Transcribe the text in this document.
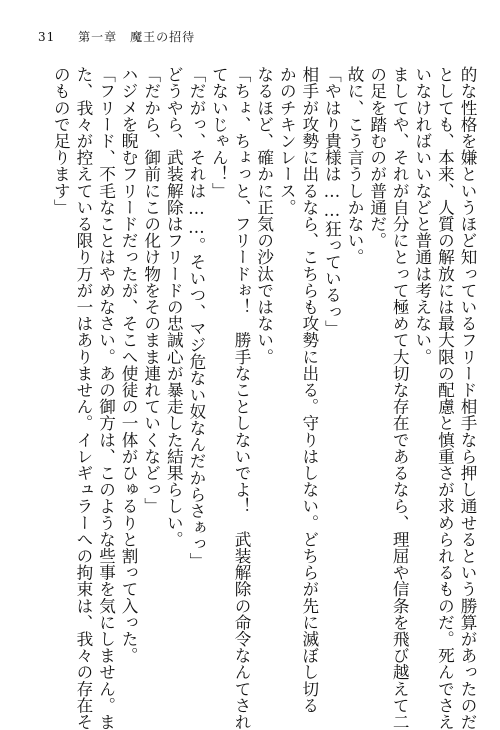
31 第一章　魔王の招待
的な性格を嫌というほど知っているフリード相手なら押し通せるという勝算があったのだ
としても、本来、人質の解放には最大限の配慮と慎重さが求められるものだ。死んでさえ
いなければいいなどと普通は考えない。
ましてや、それが自分にとって極めて大切な存在であるなら、理屈や信条を飛び越えて二
の足を踏むのが普通だ。
故に、こう言うしかない。
「やはり貴様は……狂っているっ」
相手が攻勢に出るなら、こちらも攻勢に出る。守りはしない。どちらが先に滅ぼし切る
かのチキンレース。
なるほど、確かに正気の沙汰ではない。
「ちょ、ちょっと、フリードぉ！　勝手なことしないでよ！　武装解除の命令なんてされ
てないじゃん！」
「だがっ、それは……。そいつ、マジ危ない奴なんだからさぁっ」
どうやら、武装解除はフリードの忠誠心が暴走した結果らしい。
「だから、御前にこの化け物をそのまま連れていくなどっ」
ハジメを睨むフリードだったが、そこへ使徒の一体がひゅるりと割って入った。
「フリード、不毛なことはやめなさい。あの御方は、このような些事を気にしません。ま
た、我々が控えている限り万が一はありません。イレギュラーへの拘束は、我々の存在そ
のもので足ります」
